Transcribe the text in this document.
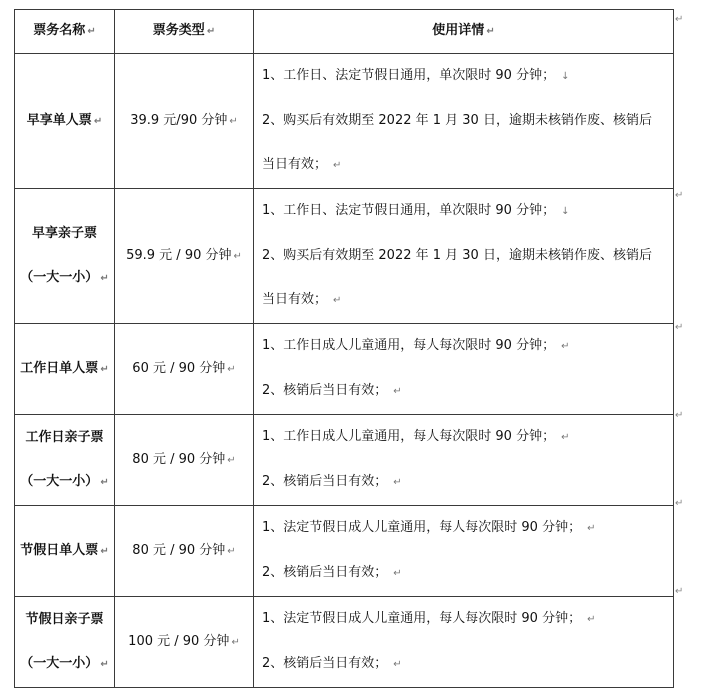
票务名称 ↵	票务类型 ↵	使用详情 ↵

早享单人票 ↵	39.9 元/90 分钟 ↵	1、工作日、法定节假日通用，单次限时 90 分钟； ↓
2、购买后有效期至 2022 年 1 月 30 日，逾期未核销作废、核销后
当日有效； ↵

早享亲子票
（一大一小） ↵	59.9 元 / 90 分钟 ↵	1、工作日、法定节假日通用，单次限时 90 分钟； ↓
2、购买后有效期至 2022 年 1 月 30 日，逾期未核销作废、核销后
当日有效； ↵

工作日单人票 ↵	60 元 / 90 分钟 ↵	1、工作日成人儿童通用，每人每次限时 90 分钟； ↵
2、核销后当日有效； ↵

工作日亲子票
（一大一小） ↵	80 元 / 90 分钟 ↵	1、工作日成人儿童通用，每人每次限时 90 分钟； ↵
2、核销后当日有效； ↵

节假日单人票 ↵	80 元 / 90 分钟 ↵	1、法定节假日成人儿童通用，每人每次限时 90 分钟； ↵
2、核销后当日有效； ↵

节假日亲子票
（一大一小） ↵	100 元 / 90 分钟 ↵	1、法定节假日成人儿童通用，每人每次限时 90 分钟； ↵
2、核销后当日有效； ↵
↵
↵
↵
↵
↵
↵
